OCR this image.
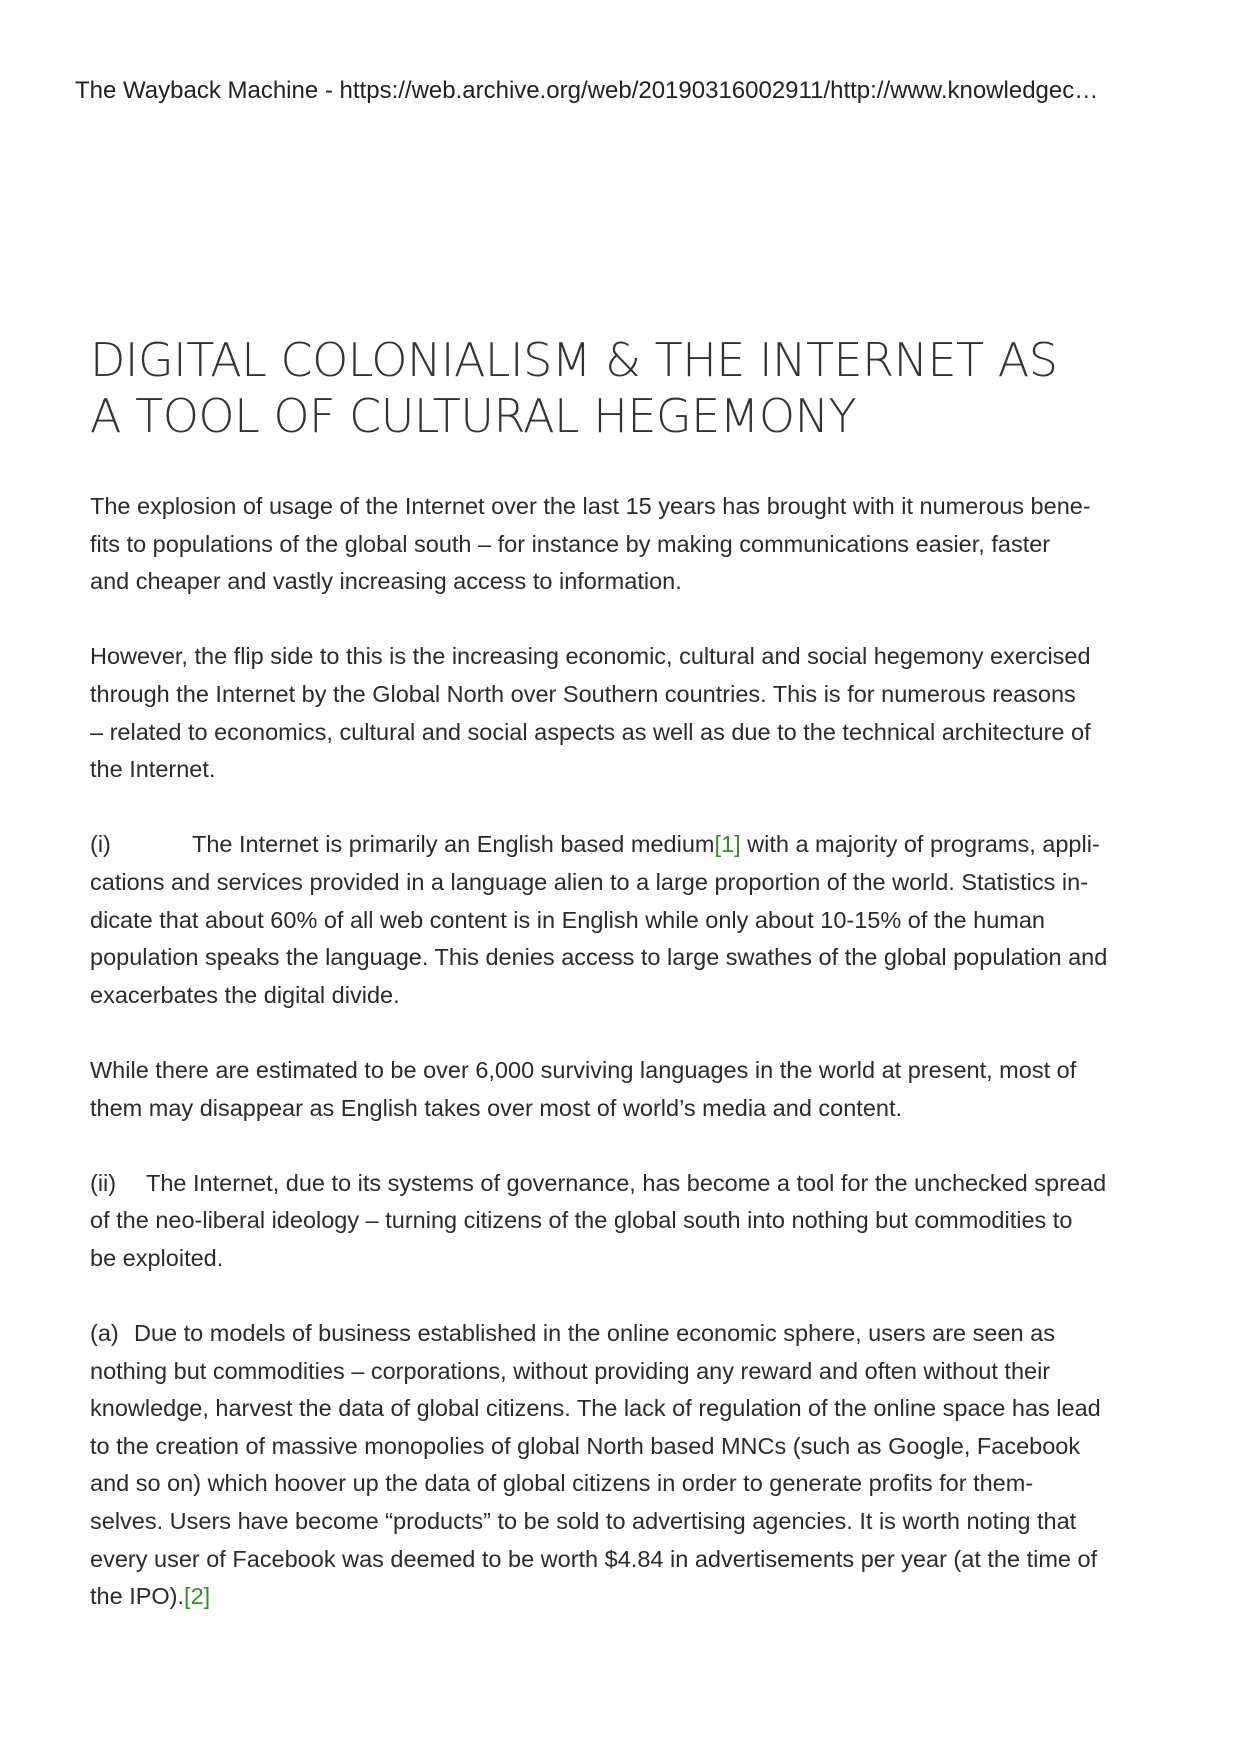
The Wayback Machine - https://web.archive.org/web/20190316002911/http://www.knowledgec…
DIGITAL COLONIALISM & THE INTERNET AS
A TOOL OF CULTURAL HEGEMONY

The explosion of usage of the Internet over the last 15 years has brought with it numerous bene-
fits to populations of the global south – for instance by making communications easier, faster
and cheaper and vastly increasing access to information.

However, the flip side to this is the increasing economic, cultural and social hegemony exercised
through the Internet by the Global North over Southern countries. This is for numerous reasons
– related to economics, cultural and social aspects as well as due to the technical architecture of
the Internet.

(i)	The Internet is primarily an English based medium[1] with a majority of programs, appli-
cations and services provided in a language alien to a large proportion of the world. Statistics in-
dicate that about 60% of all web content is in English while only about 10-15% of the human
population speaks the language. This denies access to large swathes of the global population and
exacerbates the digital divide.

While there are estimated to be over 6,000 surviving languages in the world at present, most of
them may disappear as English takes over most of world’s media and content.

(ii) The Internet, due to its systems of governance, has become a tool for the unchecked spread
of the neo-liberal ideology – turning citizens of the global south into nothing but commodities to
be exploited.

(a) Due to models of business established in the online economic sphere, users are seen as
nothing but commodities – corporations, without providing any reward and often without their
knowledge, harvest the data of global citizens. The lack of regulation of the online space has lead
to the creation of massive monopolies of global North based MNCs (such as Google, Facebook
and so on) which hoover up the data of global citizens in order to generate profits for them-
selves. Users have become “products” to be sold to advertising agencies. It is worth noting that
every user of Facebook was deemed to be worth $4.84 in advertisements per year (at the time of
the IPO).[2]
